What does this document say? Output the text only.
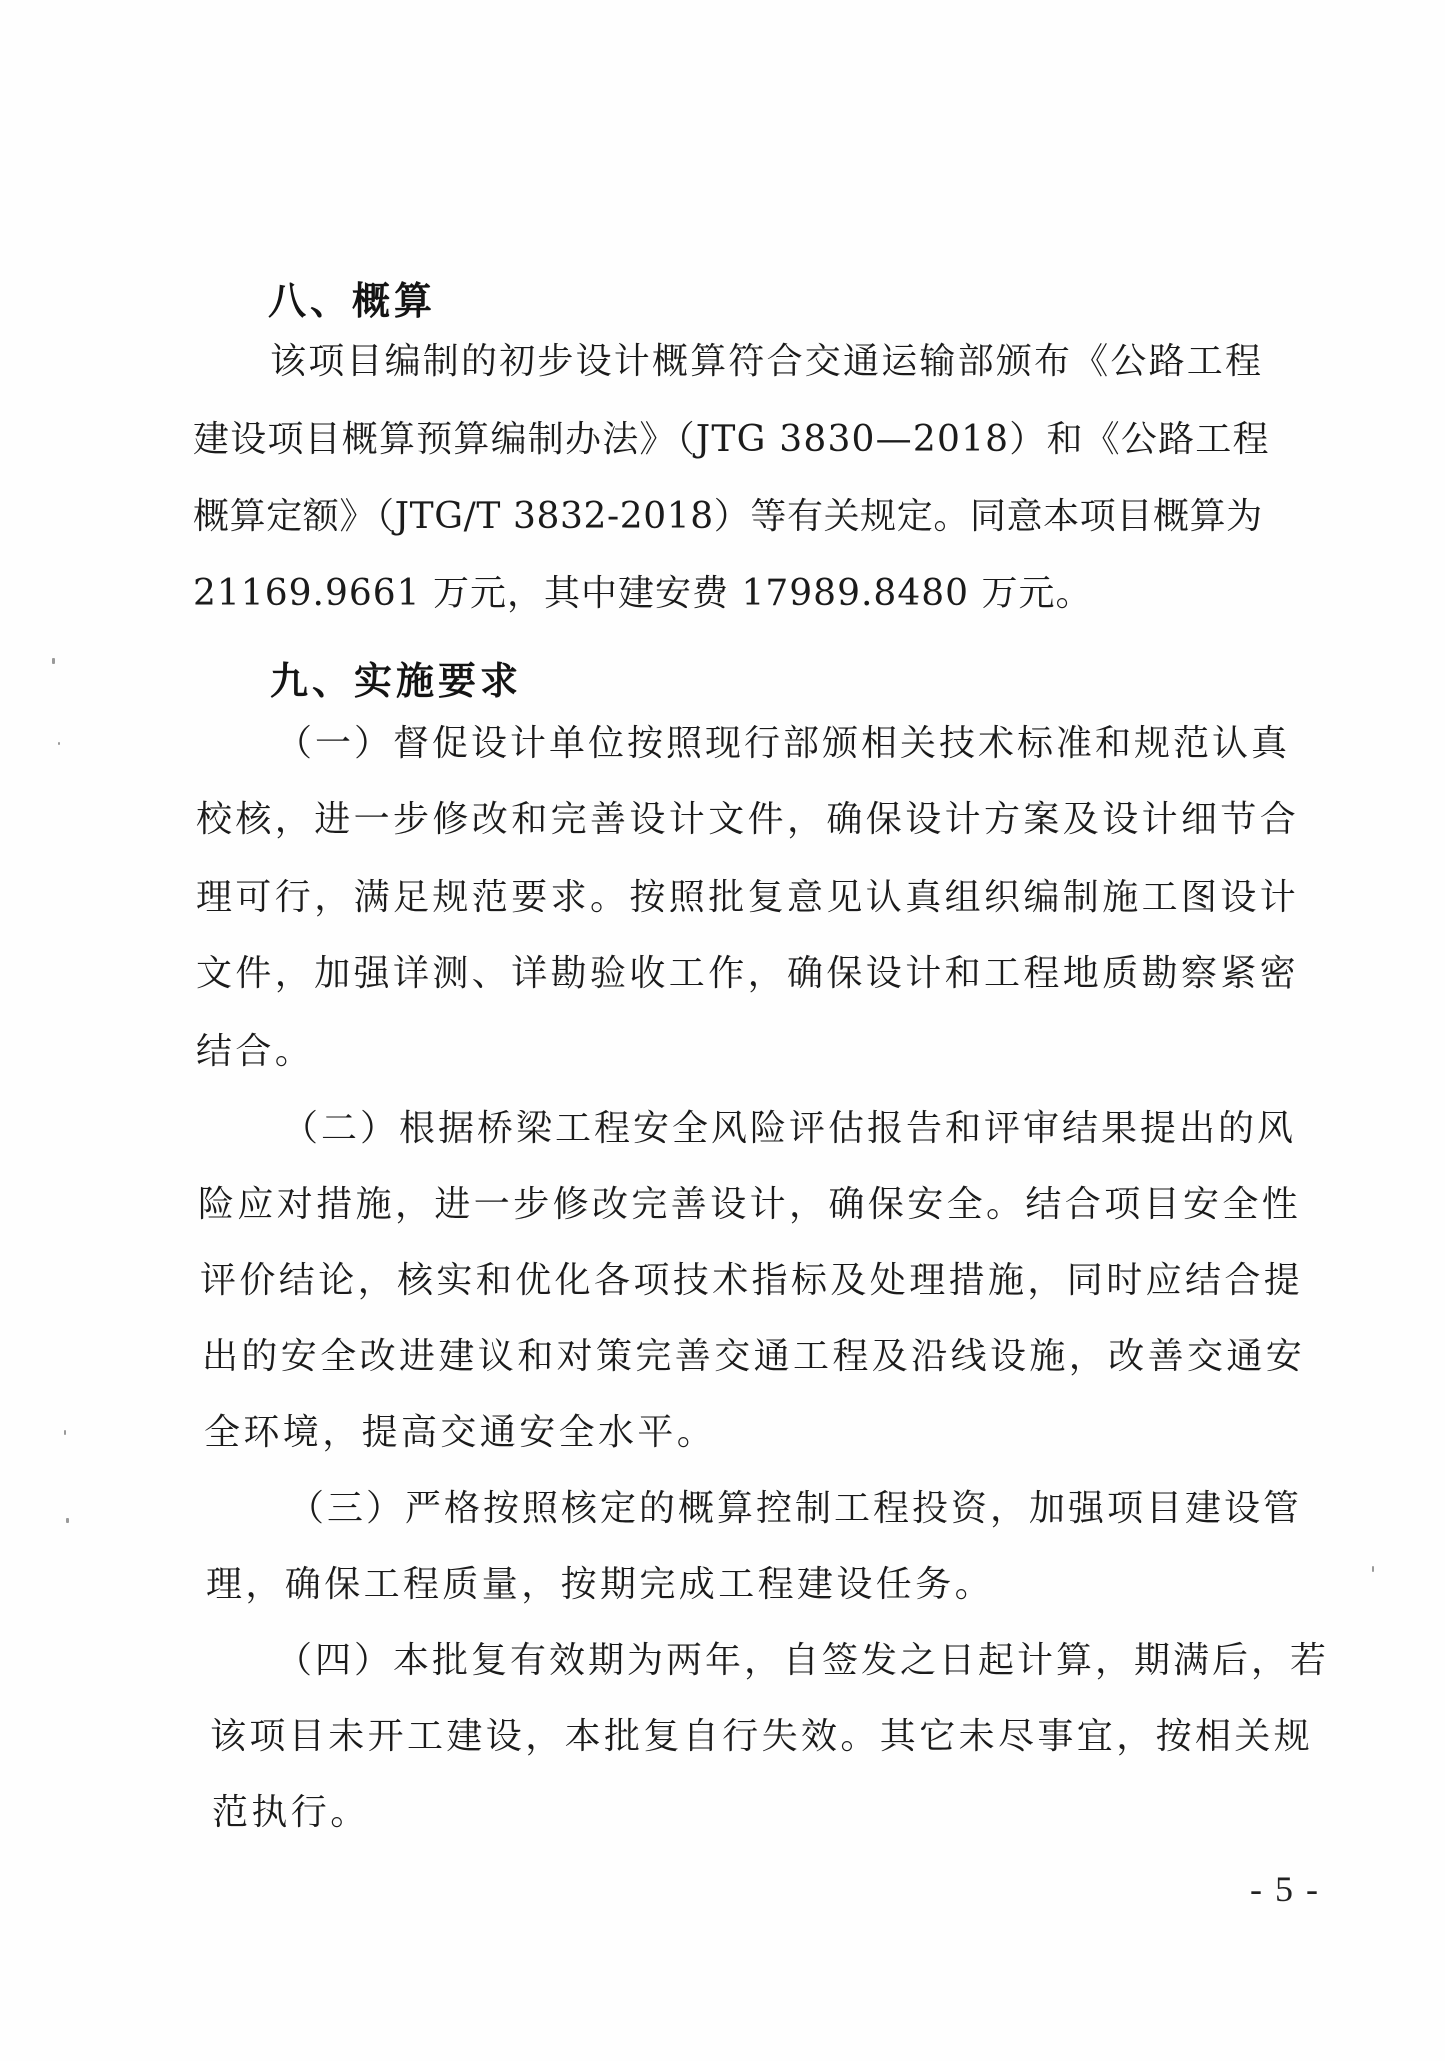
八、概算
该项目编制的初步设计概算符合交通运输部颁布《公路工程
建设项目概算预算编制办法》（JTG 3830—2018）和《公路工程
概算定额》（JTG/T 3832-2018）等有关规定。同意本项目概算为
21169.9661 万元，其中建安费 17989.8480 万元。
九、实施要求
（一）督促设计单位按照现行部颁相关技术标准和规范认真
校核，进一步修改和完善设计文件，确保设计方案及设计细节合
理可行，满足规范要求。按照批复意见认真组织编制施工图设计
文件，加强详测、详勘验收工作，确保设计和工程地质勘察紧密
结合。
（二）根据桥梁工程安全风险评估报告和评审结果提出的风
险应对措施，进一步修改完善设计，确保安全。结合项目安全性
评价结论，核实和优化各项技术指标及处理措施，同时应结合提
出的安全改进建议和对策完善交通工程及沿线设施，改善交通安
全环境，提高交通安全水平。
（三）严格按照核定的概算控制工程投资，加强项目建设管
理，确保工程质量，按期完成工程建设任务。
（四）本批复有效期为两年，自签发之日起计算，期满后，若
该项目未开工建设，本批复自行失效。其它未尽事宜，按相关规
范执行。
- 5 -
